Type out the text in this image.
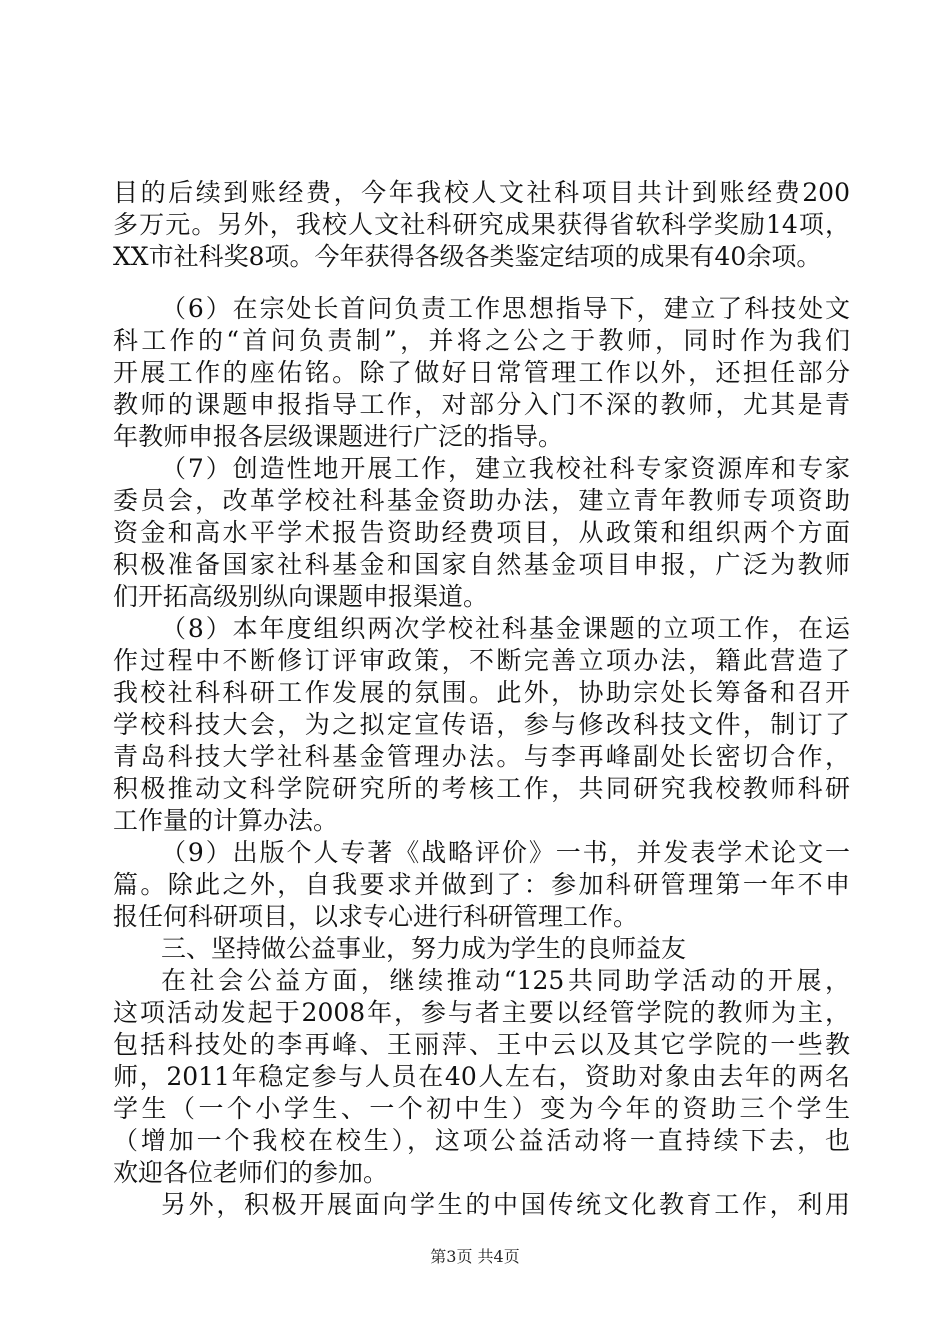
目的后续到账经费，今年我校人文社科项目共计到账经费200
多万元。另外，我校人文社科研究成果获得省软科学奖励14项，
XX市社科奖8项。今年获得各级各类鉴定结项的成果有40余项。
（6）在宗处长首问负责工作思想指导下，建立了科技处文
科工作的“首问负责制”，并将之公之于教师，同时作为我们
开展工作的座佑铭。除了做好日常管理工作以外，还担任部分
教师的课题申报指导工作，对部分入门不深的教师，尤其是青
年教师申报各层级课题进行广泛的指导。
（7）创造性地开展工作，建立我校社科专家资源库和专家
委员会，改革学校社科基金资助办法，建立青年教师专项资助
资金和高水平学术报告资助经费项目，从政策和组织两个方面
积极准备国家社科基金和国家自然基金项目申报，广泛为教师
们开拓高级别纵向课题申报渠道。
（8）本年度组织两次学校社科基金课题的立项工作，在运
作过程中不断修订评审政策，不断完善立项办法，籍此营造了
我校社科科研工作发展的氛围。此外，协助宗处长筹备和召开
学校科技大会，为之拟定宣传语，参与修改科技文件，制订了
青岛科技大学社科基金管理办法。与李再峰副处长密切合作，
积极推动文科学院研究所的考核工作，共同研究我校教师科研
工作量的计算办法。
（9）出版个人专著《战略评价》一书，并发表学术论文一
篇。除此之外，自我要求并做到了：参加科研管理第一年不申
报任何科研项目，以求专心进行科研管理工作。
三、坚持做公益事业，努力成为学生的良师益友
在社会公益方面，继续推动“125共同助学活动的开展，
这项活动发起于2008年，参与者主要以经管学院的教师为主，
包括科技处的李再峰、王丽萍、王中云以及其它学院的一些教
师，2011年稳定参与人员在40人左右，资助对象由去年的两名
学生（一个小学生、一个初中生）变为今年的资助三个学生
（增加一个我校在校生），这项公益活动将一直持续下去，也
欢迎各位老师们的参加。
另外，积极开展面向学生的中国传统文化教育工作，利用
第3页 共4页
